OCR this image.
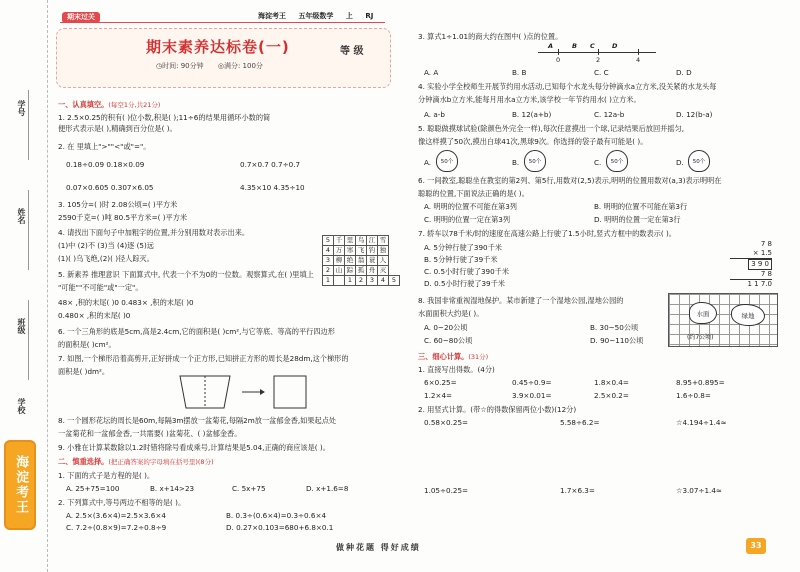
学号
姓名
班级
学校
海淀考王
期末过关	海淀考王 五年级数学 上 RJ
期末素养达标卷(一)
◷时间: 90分钟 ◎满分: 100分
等 级
一、认真填空。(每空1分,共21分)
1. 2.5×0.25的积有( )位小数,积是( );11÷6的结果用循环小数的简
便形式表示是( ),精确到百分位是( )。
2. 在 里填上">""<"或"="。
0.18÷0.09 0.18×0.09	0.7×0.7 0.7÷0.7
0.07×0.605 0.307×6.05	4.35×10 4.35÷10
3. 105分=( )时 2.08公顷=( )平方米
2590千克=( )吨 80.5平方米=( )平方米
4. 请找出下面句子中加粗字的位置,并分别用数对表示出来。
(1)中 (2)不 (3)当 (4)逐 (5)远
(1)( )乌飞绝,(2)( )径人踪灭。
5	千	里	鸟	江	雪	
4	万	寒	飞	钓	独	
3	柳	绝	翁	蓑	人	
2	山	踪	孤	舟	灭	
1		1	2	3	4	5
5. 新素养 推理意识 下面算式中, 代表一个不为0的一位数。观察算式,在( )里填上
"可能""不可能"或"一定"。
48× ,积的末尾( )0 0.483× ,积的末尾( )0
0.480× ,积的末尾( )0
6. 一个三角形的底是5cm,高是2.4cm,它的面积是( )cm²,与它等底、等高的平行四边形
的面积是( )cm²。
7. 如图,一个梯形沿着高剪开,正好拼成一个正方形,已知拼正方形的周长是28dm,这个梯形的
面积是( )dm²。
8. 一个圆形花坛的周长是60m,每隔3m摆放一盆菊花,每隔2m放一盆郁金香,如果起点处
一盆菊花和一盆郁金香,一共需要( )盆菊花、( )盆郁金香。
9. 小雅在计算某数除以1.2时错将除号看成乘号,计算结果是5.04,正确的商应该是( )。
二、慎重选择。(把正确答案的字母填在括号里)(8分)
1. 下面的式子是方程的是( )。
A. 25+75=100	B. x+14>23	C. 5x+75	D. x+1.6=8
2. 下列算式中,等号两边不相等的是( )。
A. 2.5×(3.6×4)=2.5×3.6×4	B. 0.3÷(0.6×4)=0.3÷0.6×4
C. 7.2÷(0.8×9)=7.2÷0.8÷9	D. 0.27×0.103=680+6.8×0.1
3. 算式1÷1.01的商大约在图中( )点的位置。
A	B C	D
0	2	4
A. A	B. B	C. C	D. D
4. 实验小学全校师生开展节约用水活动,已知每个水龙头每分钟滴水a立方米,没关紧的水龙头每
分钟滴水b立方米,能每月用水a立方米,该学校一年节约用水( )立方米。
A. a-b	B. 12(a+b)	C. 12a-b	D. 12(b-a)
5. 聪聪做摸球试验(除颜色外完全一样),每次任意摸出一个球,记录结果后放回并摇匀,
像这样摸了50次,摸出白球41次,黑球9次。你选择的袋子最有可能是( )。
A.	50个	B.	50个	C.	50个	D.	50个
6. 一间教室,聪聪坐在教室的第2列、第5行,用数对(2,5)表示,明明的位置用数对(a,3)表示明明在
聪聪的位置,下面说法正确的是( )。
A. 明明的位置不可能在第3列	B. 明明的位置不可能在第3行
C. 明明的位置一定在第3列	D. 明明的位置一定在第3行
7. 轿车以78千米/时的速度在高速公路上行驶了1.5小时,竖式方框中的数表示( )。
A. 5分钟行驶了390千米
B. 5分钟行驶了39千米
C. 0.5小时行驶了390千米
D. 0.5小时行驶了39千米
7 8
× 1.5
3 9 0
7 8
1 1 7.0
8. 我国非常重视湿地保护。某市新建了一个湿地公园,湿地公园的
水面面积大约是( )。	水面	绿地
(约7公顷)
A. 0~20公顷	B. 30~50公顷
C. 60~80公顷	D. 90~110公顷
三、细心计算。(31分)
1. 直接写出得数。(4分)
6×0.25=	0.45÷0.9=	1.8×0.4=	8.95+0.895=
1.2×4=	3.9×0.01=	2.5×0.2=	1.6÷0.8=
2. 用竖式计算。(带☆的得数保留两位小数)(12分)
0.58×0.25=	5.58÷6.2=	☆4.194÷1.4≈
1.05÷0.25=	1.7×6.3=	☆3.07÷1.4≈
做种花题 得好成绩	33
